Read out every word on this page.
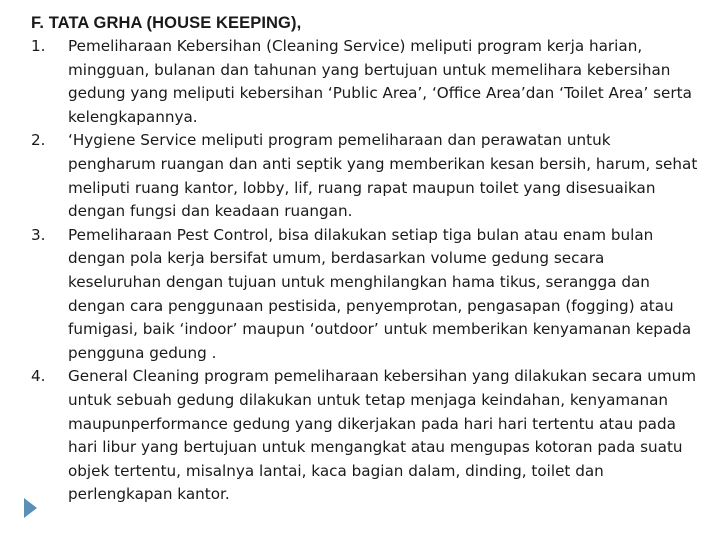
F. TATA GRHA (HOUSE KEEPING),
1.	Pemeliharaan Kebersihan (Cleaning Service) meliputi program kerja harian, mingguan, bulanan dan tahunan yang bertujuan untuk memelihara kebersihan gedung yang meliputi kebersihan ‘Public Area’, ‘Office Area’dan ‘Toilet Area’ serta kelengkapannya.
2.	‘Hygiene Service meliputi program pemeliharaan dan perawatan untuk pengharum ruangan dan anti septik yang memberikan kesan bersih, harum, sehat meliputi ruang kantor, lobby, lif, ruang rapat maupun toilet yang disesuaikan dengan fungsi dan keadaan ruangan.
3.	Pemeliharaan Pest Control, bisa dilakukan setiap tiga bulan atau enam bulan dengan pola kerja bersifat umum, berdasarkan volume gedung secara keseluruhan dengan tujuan untuk menghilangkan hama tikus, serangga dan dengan cara penggunaan pestisida, penyemprotan, pengasapan (fogging) atau fumigasi, baik ‘indoor’ maupun ‘outdoor’ untuk memberikan kenyamanan kepada pengguna gedung .
4.	General Cleaning program pemeliharaan kebersihan yang dilakukan secara umum untuk sebuah gedung dilakukan untuk tetap menjaga keindahan, kenyamanan maupunperformance gedung yang dikerjakan pada hari hari tertentu atau pada hari libur yang bertujuan untuk mengangkat atau mengupas kotoran pada suatu objek tertentu, misalnya lantai, kaca bagian dalam, dinding, toilet dan perlengkapan kantor.
